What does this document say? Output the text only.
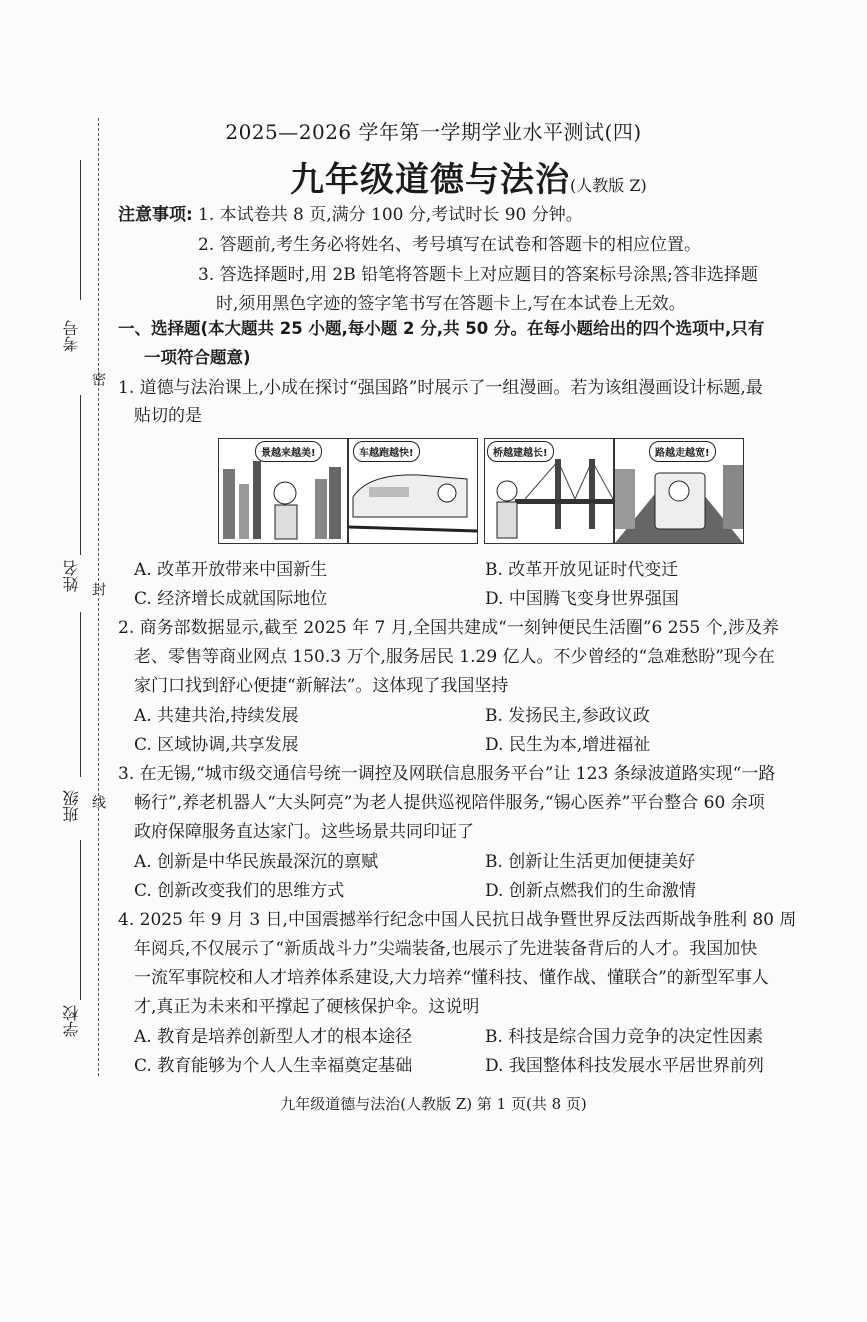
考号
密
姓名 封
班级 线
学校
2025—2026 学年第一学期学业水平测试(四)
九年级道德与法治(人教版 Z)
注意事项: 1. 本试卷共 8 页,满分 100 分,考试时长 90 分钟。
2. 答题前,考生务必将姓名、考号填写在试卷和答题卡的相应位置。
3. 答选择题时,用 2B 铅笔将答题卡上对应题目的答案标号涂黑;答非选择题
时,须用黑色字迹的签字笔书写在答题卡上,写在本试卷上无效。
一、选择题(本大题共 25 小题,每小题 2 分,共 50 分。在每小题给出的四个选项中,只有
一项符合题意)
1. 道德与法治课上,小成在探讨“强国路”时展示了一组漫画。若为该组漫画设计标题,最
贴切的是
景越来越美!	车越跑越快!	桥越建越长!	路越走越宽!
A. 改革开放带来中国新生	B. 改革开放见证时代变迁
C. 经济增长成就国际地位	D. 中国腾飞变身世界强国
2. 商务部数据显示,截至 2025 年 7 月,全国共建成“一刻钟便民生活圈”6 255 个,涉及养
老、零售等商业网点 150.3 万个,服务居民 1.29 亿人。不少曾经的“急难愁盼”现今在
家门口找到舒心便捷“新解法”。这体现了我国坚持
A. 共建共治,持续发展	B. 发扬民主,参政议政
C. 区域协调,共享发展	D. 民生为本,增进福祉
3. 在无锡,“城市级交通信号统一调控及网联信息服务平台”让 123 条绿波道路实现“一路
畅行”,养老机器人“大头阿亮”为老人提供巡视陪伴服务,“锡心医养”平台整合 60 余项
政府保障服务直达家门。这些场景共同印证了
A. 创新是中华民族最深沉的禀赋	B. 创新让生活更加便捷美好
C. 创新改变我们的思维方式	D. 创新点燃我们的生命激情
4. 2025 年 9 月 3 日,中国震撼举行纪念中国人民抗日战争暨世界反法西斯战争胜利 80 周
年阅兵,不仅展示了“新质战斗力”尖端装备,也展示了先进装备背后的人才。我国加快
一流军事院校和人才培养体系建设,大力培养“懂科技、懂作战、懂联合”的新型军事人
才,真正为未来和平撑起了硬核保护伞。这说明
A. 教育是培养创新型人才的根本途径	B. 科技是综合国力竞争的决定性因素
C. 教育能够为个人人生幸福奠定基础	D. 我国整体科技发展水平居世界前列
九年级道德与法治(人教版 Z) 第 1 页(共 8 页)
